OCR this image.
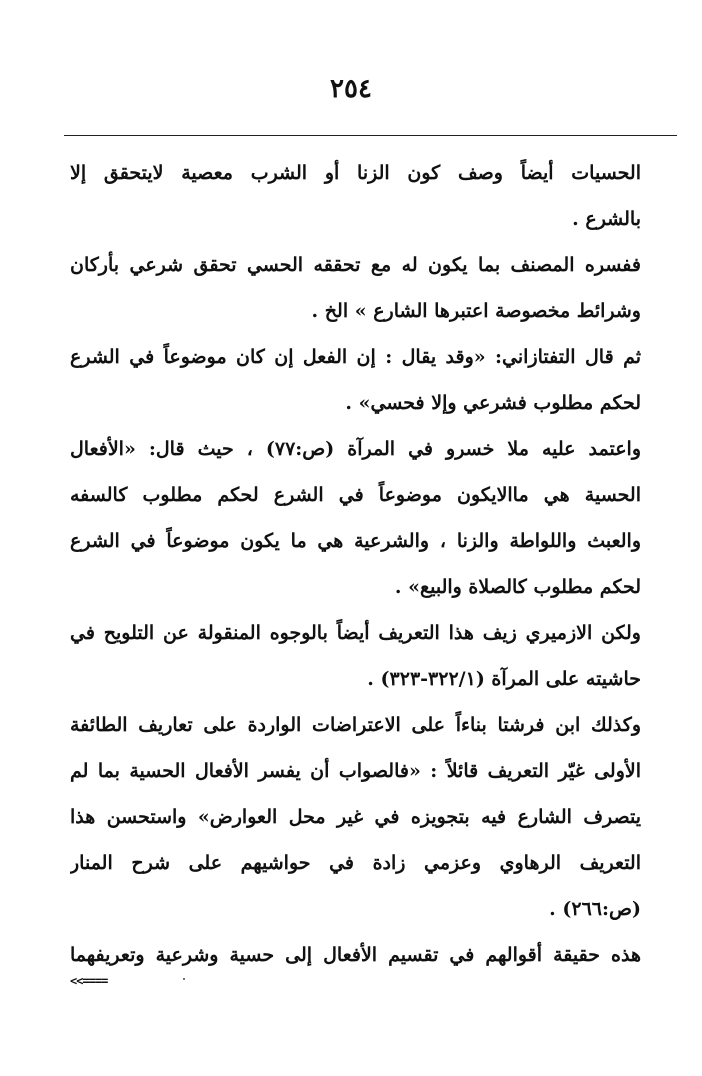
٢٥٤
الحسيات أيضاً وصف كون الزنا أو الشرب معصية لايتحقق إلا
بالشرع .
ففسره المصنف بما يكون له مع تحققه الحسي تحقق شرعي بأركان
وشرائط مخصوصة اعتبرها الشارع » الخ .
ثم قال التفتازاني: «وقد يقال : إن الفعل إن كان موضوعاً في الشرع
لحكم مطلوب فشرعي وإلا فحسي» .
واعتمد عليه ملا خسرو في المرآة (ص:٧٧) ، حيث قال: «الأفعال
الحسية هي ماالايكون موضوعاً في الشرع لحكم مطلوب كالسفه
والعبث واللواطة والزنا ، والشرعية هي ما يكون موضوعاً في الشرع
لحكم مطلوب كالصلاة والبيع» .
ولكن الازميري زيف هذا التعريف أيضاً بالوجوه المنقولة عن التلويح في
حاشيته على المرآة (٣٢٢/١-٣٢٣) .
وكذلك ابن فرشتا بناءاً على الاعتراضات الواردة على تعاريف الطائفة
الأولى غيّر التعريف قائلاً : «فالصواب أن يفسر الأفعال الحسية بما لم
يتصرف الشارع فيه بتجويزه في غير محل العوارض» واستحسن هذا
التعريف الرهاوي وعزمي زادة في حواشيهم على شرح المنار
(ص:٢٦٦) .
هذه حقيقة أقوالهم في تقسيم الأفعال إلى حسية وشرعية وتعريفهما
<<====
